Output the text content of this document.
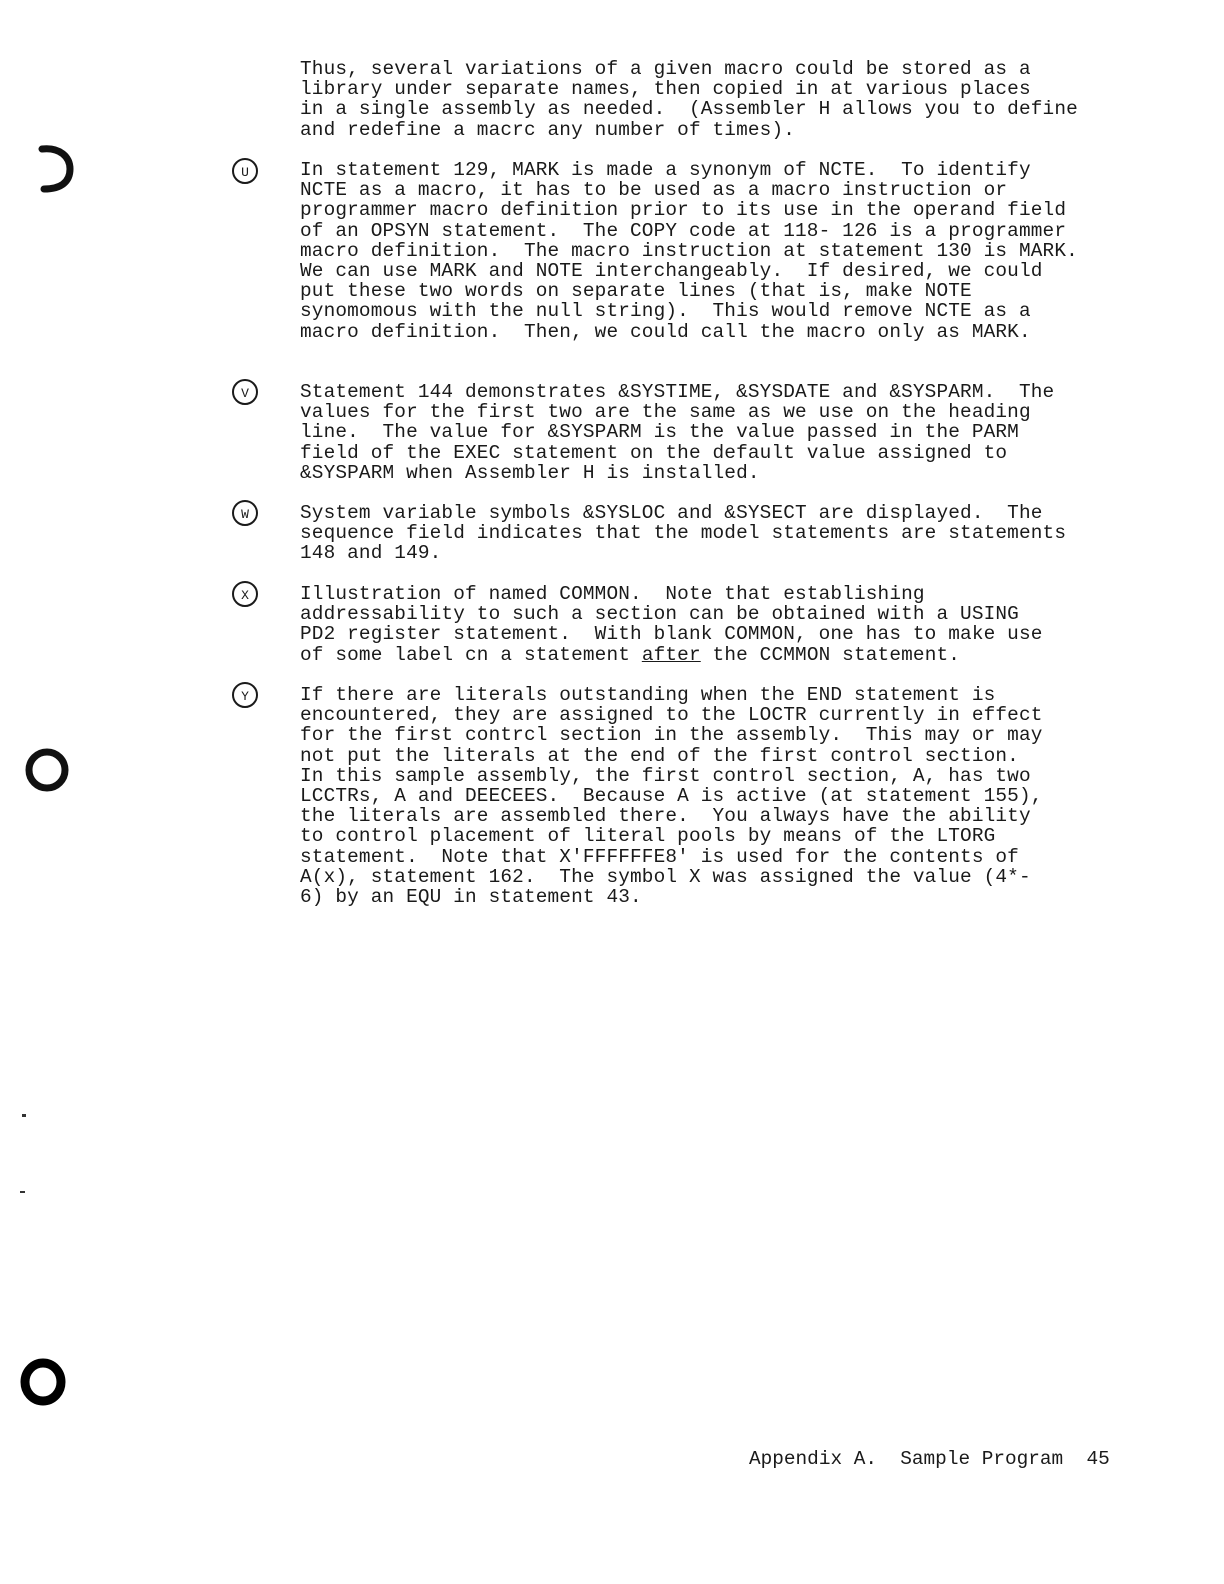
Thus, several variations of a given macro could be stored as a
library under separate names, then copied in at various places
in a single assembly as needed.  (Assembler H allows you to define
and redefine a macrc any number of times).
U	In statement 129, MARK is made a synonym of NCTE.  To identify
NCTE as a macro, it has to be used as a macro instruction or
programmer macro definition prior to its use in the operand field
of an OPSYN statement.  The COPY code at 118- 126 is a programmer
macro definition.  The macro instruction at statement 130 is MARK.
We can use MARK and NOTE interchangeably.  If desired, we could
put these two words on separate lines (that is, make NOTE
synomomous with the null string).  This would remove NCTE as a
macro definition.  Then, we could call the macro only as MARK.
V	Statement 144 demonstrates &SYSTIME, &SYSDATE and &SYSPARM.  The
values for the first two are the same as we use on the heading
line.  The value for &SYSPARM is the value passed in the PARM
field of the EXEC statement on the default value assigned to
&SYSPARM when Assembler H is installed.
W	System variable symbols &SYSLOC and &SYSECT are displayed.  The
sequence field indicates that the model statements are statements
148 and 149.
X	Illustration of named COMMON.  Note that establishing
addressability to such a section can be obtained with a USING
PD2 register statement.  With blank COMMON, one has to make use
of some label cn a statement after the CCMMON statement.
Y	If there are literals outstanding when the END statement is
encountered, they are assigned to the LOCTR currently in effect
for the first contrcl section in the assembly.  This may or may
not put the literals at the end of the first control section.
In this sample assembly, the first control section, A, has two
LCCTRs, A and DEECEES.  Because A is active (at statement 155),
the literals are assembled there.  You always have the ability
to control placement of literal pools by means of the LTORG
statement.  Note that X'FFFFFFE8' is used for the contents of
A(x), statement 162.  The symbol X was assigned the value (4*-
6) by an EQU in statement 43.
Appendix A.  Sample Program 45
